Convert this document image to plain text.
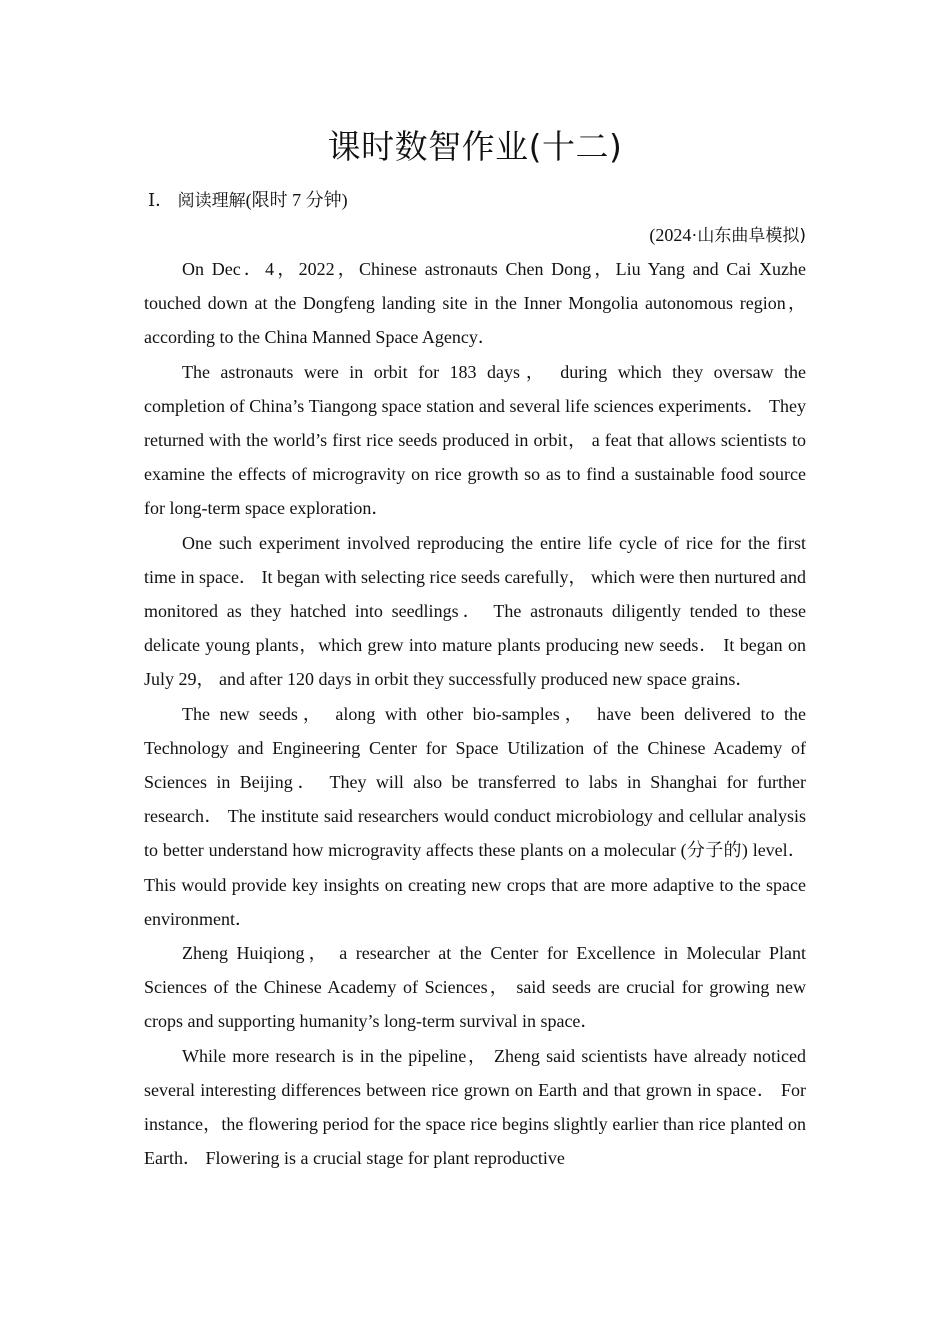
课时数智作业(十二)
Ⅰ． 阅读理解(限时 7 分钟)
(2024·山东曲阜模拟)

On Dec．4，2022，Chinese astronauts Chen Dong，Liu Yang and Cai Xuzhe touched down at the Dongfeng landing site in the Inner Mongolia autonomous region，according to the China Manned Space Agency．

The astronauts were in orbit for 183 days， during which they oversaw the completion of China’s Tiangong space station and several life sciences experiments． They returned with the world’s first rice seeds produced in orbit， a feat that allows scientists to examine the effects of microgravity on rice growth so as to find a sustainable food source for long-term space exploration．

One such experiment involved reproducing the entire life cycle of rice for the first time in space． It began with selecting rice seeds carefully， which were then nurtured and monitored as they hatched into seedlings． The astronauts diligently tended to these delicate young plants，which grew into mature plants producing new seeds． It began on July 29， and after 120 days in orbit they successfully produced new space grains．

The new seeds， along with other bio-samples， have been delivered to the Technology and Engineering Center for Space Utilization of the Chinese Academy of Sciences in Beijing． They will also be transferred to labs in Shanghai for further research． The institute said researchers would conduct microbiology and cellular analysis to better understand how microgravity affects these plants on a molecular (分子的) level． This would provide key insights on creating new crops that are more adaptive to the space environment．

Zheng Huiqiong， a researcher at the Center for Excellence in Molecular Plant Sciences of the Chinese Academy of Sciences， said seeds are crucial for growing new crops and supporting humanity’s long-term survival in space．

While more research is in the pipeline， Zheng said scientists have already noticed several interesting differences between rice grown on Earth and that grown in space． For instance，the flowering period for the space rice begins slightly earlier than rice planted on Earth． Flowering is a crucial stage for plant reproductive
